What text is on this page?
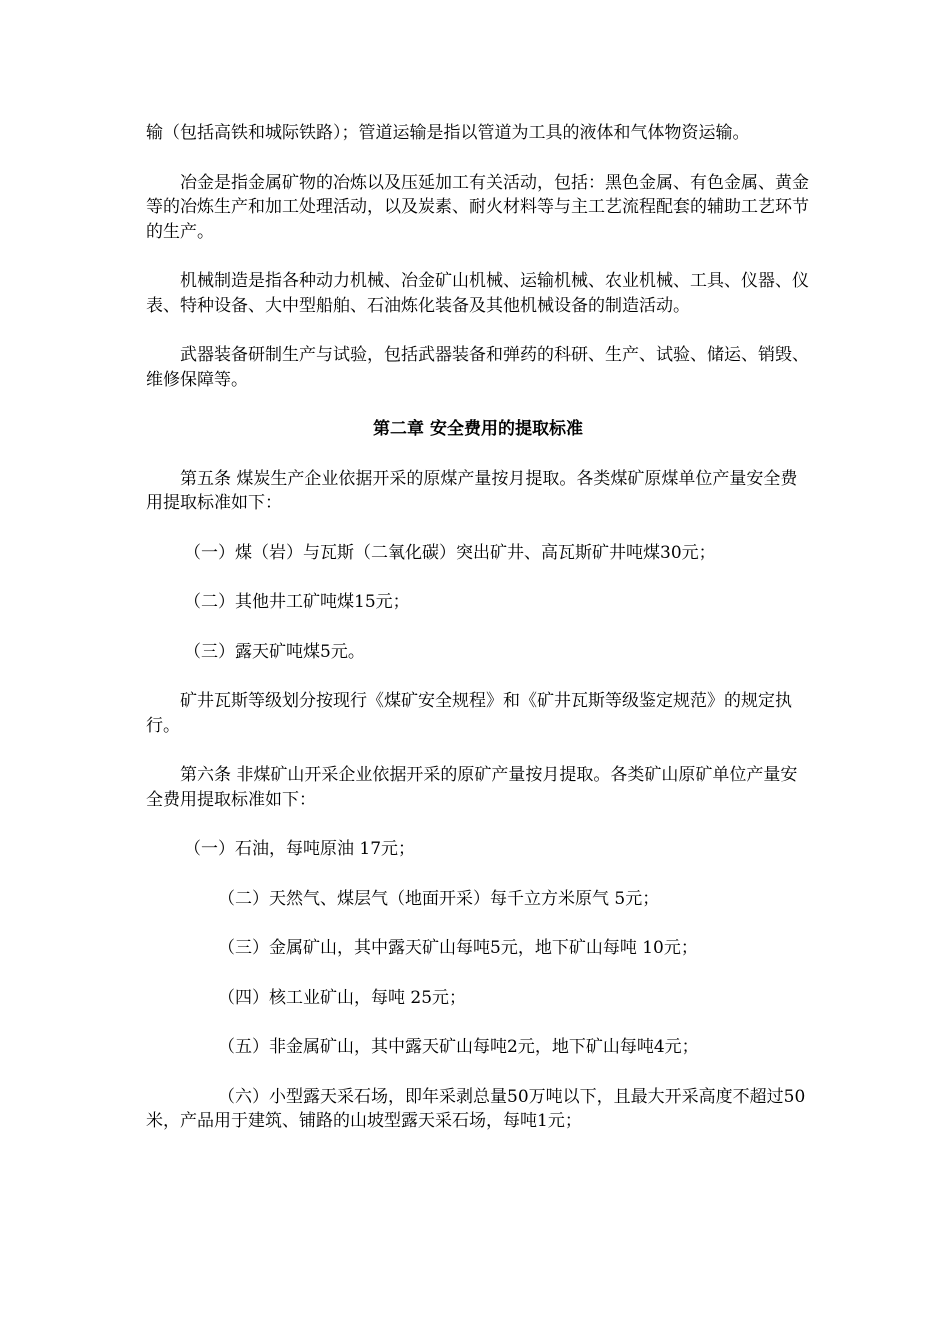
输（包括高铁和城际铁路）；管道运输是指以管道为工具的液体和气体物资运输。

冶金是指金属矿物的冶炼以及压延加工有关活动，包括：黑色金属、有色金属、黄金等的冶炼生产和加工处理活动，以及炭素、耐火材料等与主工艺流程配套的辅助工艺环节的生产。

机械制造是指各种动力机械、冶金矿山机械、运输机械、农业机械、工具、仪器、仪表、特种设备、大中型船舶、石油炼化装备及其他机械设备的制造活动。

武器装备研制生产与试验，包括武器装备和弹药的科研、生产、试验、储运、销毁、维修保障等。

第二章 安全费用的提取标准

第五条 煤炭生产企业依据开采的原煤产量按月提取。各类煤矿原煤单位产量安全费用提取标准如下：

（一）煤（岩）与瓦斯（二氧化碳）突出矿井、高瓦斯矿井吨煤30元；

（二）其他井工矿吨煤15元；

（三）露天矿吨煤5元。

矿井瓦斯等级划分按现行《煤矿安全规程》和《矿井瓦斯等级鉴定规范》的规定执行。

第六条 非煤矿山开采企业依据开采的原矿产量按月提取。各类矿山原矿单位产量安全费用提取标准如下：

（一）石油，每吨原油 17元；

（二）天然气、煤层气（地面开采）每千立方米原气 5元；

（三）金属矿山，其中露天矿山每吨5元，地下矿山每吨 10元；

（四）核工业矿山，每吨 25元；

（五）非金属矿山，其中露天矿山每吨2元，地下矿山每吨4元；

（六）小型露天采石场，即年采剥总量50万吨以下，且最大开采高度不超过50米，产品用于建筑、铺路的山坡型露天采石场，每吨1元；
